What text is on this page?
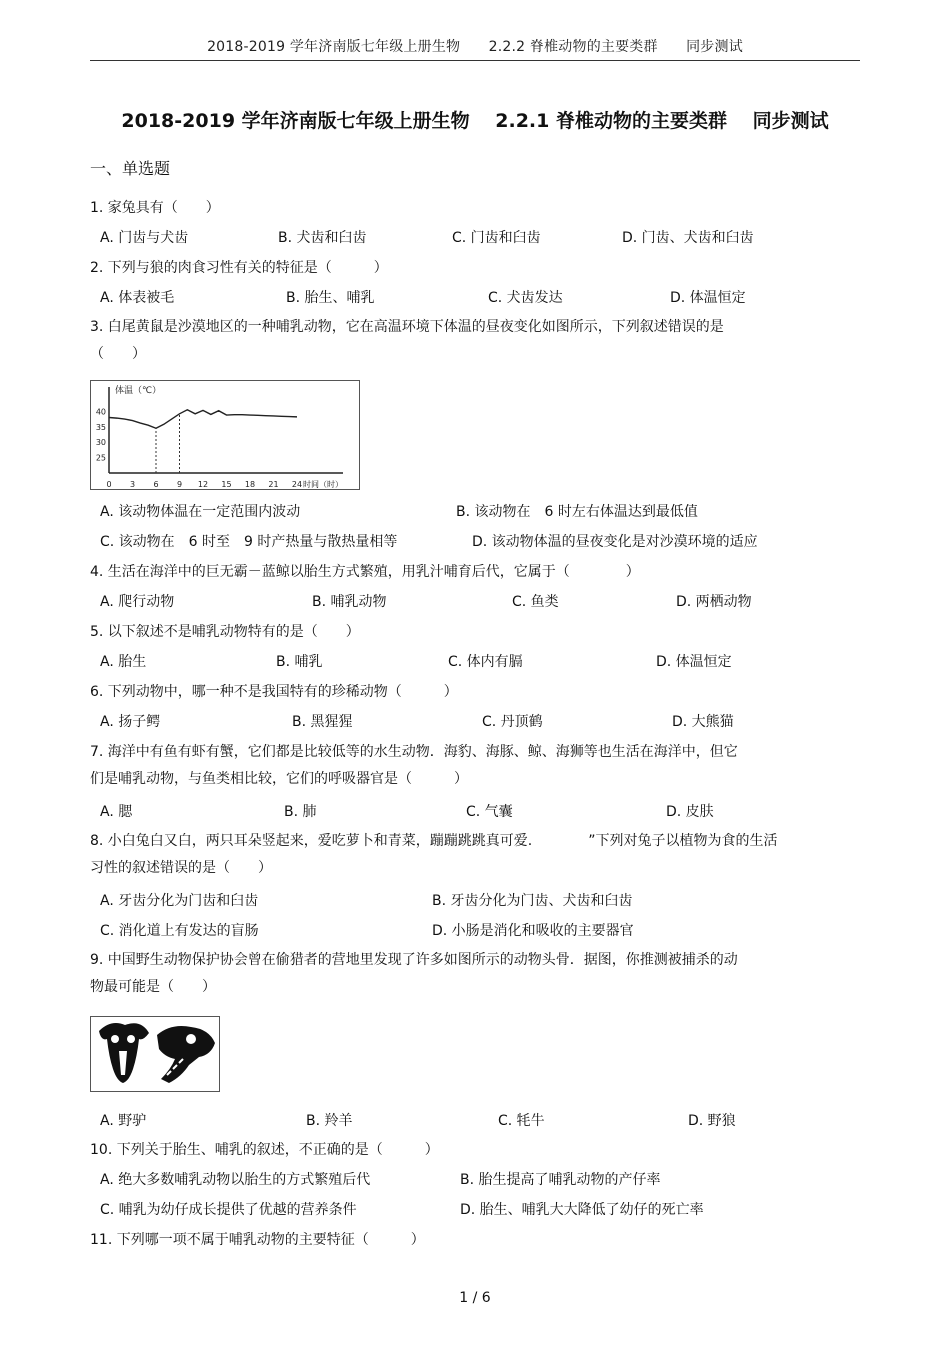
2018-2019 学年济南版七年级上册生物　　2.2.2 脊椎动物的主要类群　　同步测试
2018-2019 学年济南版七年级上册生物　 2.2.1 脊椎动物的主要类群　 同步测试
一、单选题
1. 家兔具有（　　）
A. 门齿与犬齿	B. 犬齿和臼齿	C. 门齿和臼齿	D. 门齿、犬齿和臼齿
2. 下列与狼的肉食习性有关的特征是（　　　）
A. 体表被毛	B. 胎生、哺乳	C. 犬齿发达	D. 体温恒定
3. 白尾黄鼠是沙漠地区的一种哺乳动物，它在高温环境下体温的昼夜变化如图所示，下列叙述错误的是
（　　）
A. 该动物体温在一定范围内波动	B. 该动物在　6 时左右体温达到最低值
C. 该动物在　6 时至　9 时产热量与散热量相等	D. 该动物体温的昼夜变化是对沙漠环境的适应
4. 生活在海洋中的巨无霸－蓝鲸以胎生方式繁殖，用乳汁哺育后代，它属于（　　　　）
A. 爬行动物	B. 哺乳动物	C. 鱼类	D. 两栖动物
5. 以下叙述不是哺乳动物特有的是（　　）
A. 胎生	B. 哺乳	C. 体内有膈	D. 体温恒定
6. 下列动物中，哪一种不是我国特有的珍稀动物（　　　）
A. 扬子鳄	B. 黑猩猩	C. 丹顶鹤	D. 大熊猫
7. 海洋中有鱼有虾有蟹，它们都是比较低等的水生动物．海豹、海豚、鲸、海狮等也生活在海洋中，但它
们是哺乳动物，与鱼类相比较，它们的呼吸器官是（　　　）
A. 腮	B. 肺	C. 气囊	D. 皮肤
8. 小白兔白又白，两只耳朵竖起来，爱吃萝卜和青菜，蹦蹦跳跳真可爱.　　　　”下列对兔子以植物为食的生活
习性的叙述错误的是（　　）
A. 牙齿分化为门齿和臼齿	B. 牙齿分化为门齿、犬齿和臼齿
C. 消化道上有发达的盲肠	D. 小肠是消化和吸收的主要器官
9. 中国野生动物保护协会曾在偷猎者的营地里发现了许多如图所示的动物头骨．据图，你推测被捕杀的动
物最可能是（　　）
A. 野驴	B. 羚羊	C. 牦牛	D. 野狼
10. 下列关于胎生、哺乳的叙述，不正确的是（　　　）
A. 绝大多数哺乳动物以胎生的方式繁殖后代	B. 胎生提高了哺乳动物的产仔率
C. 哺乳为幼仔成长提供了优越的营养条件	D. 胎生、哺乳大大降低了幼仔的死亡率
11. 下列哪一项不属于哺乳动物的主要特征（　　　）
体温（℃）
时间（时）
0 3 6 9 12 15 18 21 24
25
30
35
40
1 / 6
